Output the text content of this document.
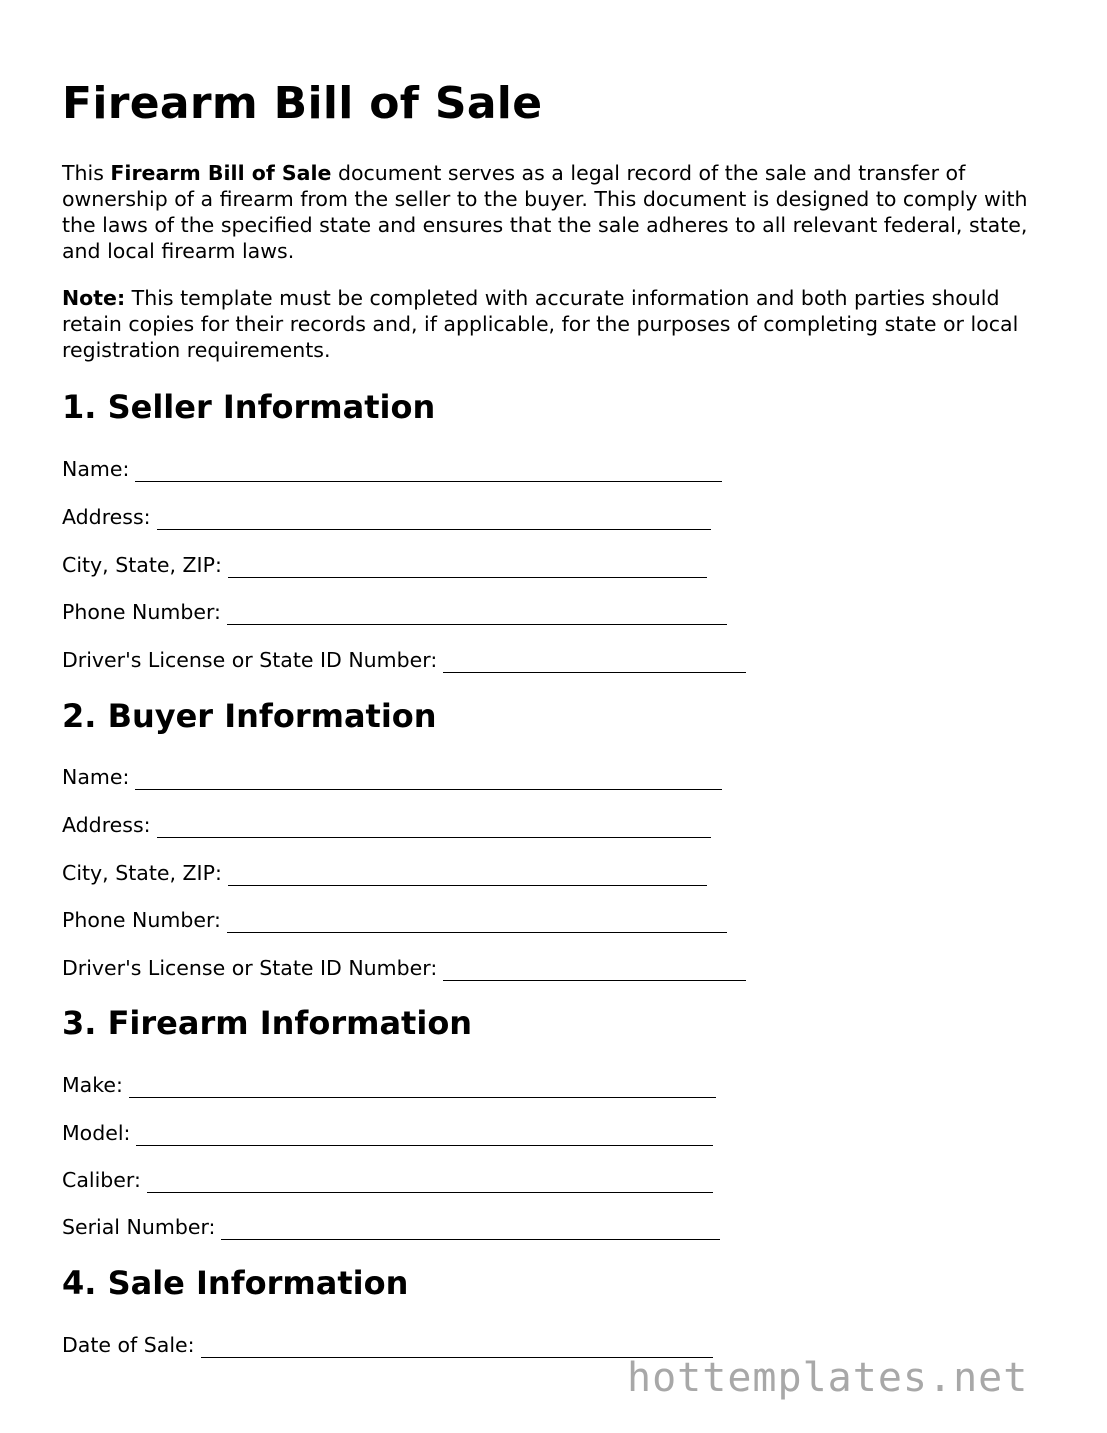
Firearm Bill of Sale

This Firearm Bill of Sale document serves as a legal record of the sale and transfer of ownership of a firearm from the seller to the buyer. This document is designed to comply with the laws of the specified state and ensures that the sale adheres to all relevant federal, state, and local firearm laws.

Note: This template must be completed with accurate information and both parties should retain copies for their records and, if applicable, for the purposes of completing state or local registration requirements.

1. Seller Information
Name:
Address:
City, State, ZIP:
Phone Number:
Driver's License or State ID Number:
2. Buyer Information
Name:
Address:
City, State, ZIP:
Phone Number:
Driver's License or State ID Number:
3. Firearm Information
Make:
Model:
Caliber:
Serial Number:
4. Sale Information
Date of Sale:
hottemplates.net
